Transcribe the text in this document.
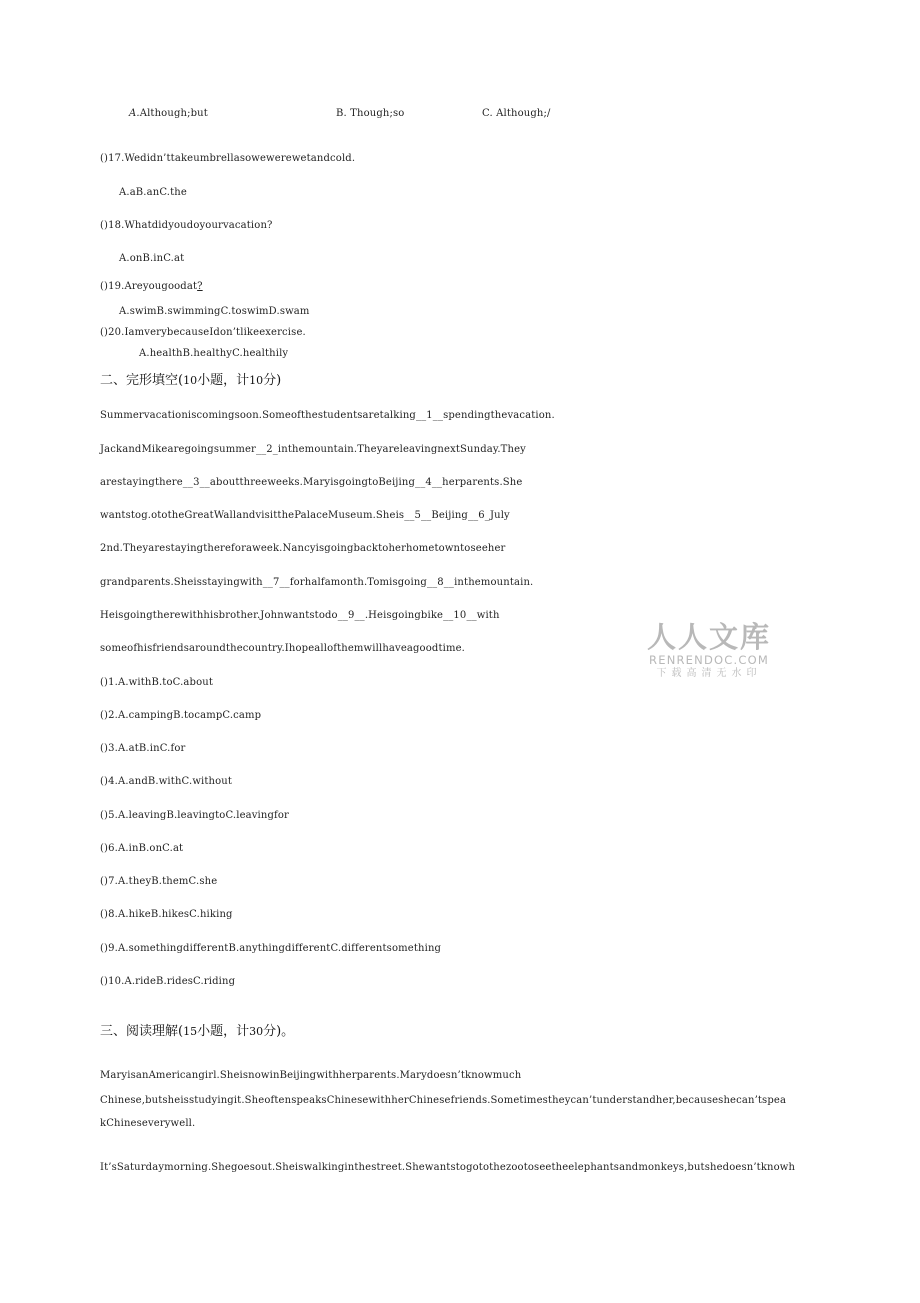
A.Although;but	B. Though;so	C. Although;/
()17.Wedidn’ttakeumbrellasowewerewetandcold.
A.aB.anC.the
()18.Whatdidyoudoyourvacation?
A.onB.inC.at
()19.Areyougoodat?
A.swimB.swimmingC.toswimD.swam
()20.IamverybecauseIdon’tlikeexercise.
A.healthB.healthyC.healthily
二、完形填空(10小题，计10分)
Summervacationiscomingsoon.Someofthestudentsaretalking__1__spendingthevacation.
JackandMikearegoingsummer__2_inthemountain.TheyareleavingnextSunday.They
arestayingthere__3__aboutthreeweeks.MaryisgoingtoBeijing__4__herparents.She
wantstog.ototheGreatWallandvisitthePalaceMuseum.Sheis__5__Beijing__6_July
2nd.Theyarestayingthereforaweek.Nancyisgoingbacktoherhometowntoseeher
grandparents.Sheisstayingwith__7__forhalfamonth.Tomisgoing__8__inthemountain.
Heisgoingtherewithhisbrother.Johnwantstodo__9__.Heisgoingbike__10__with
someofhisfriendsaroundthecountry.Ihopeallofthemwillhaveagoodtime.
()1.A.withB.toC.about
()2.A.campingB.tocampC.camp
()3.A.atB.inC.for
()4.A.andB.withC.without
()5.A.leavingB.leavingtoC.leavingfor
()6.A.inB.onC.at
()7.A.theyB.themC.she
()8.A.hikeB.hikesC.hiking
()9.A.somethingdifferentB.anythingdifferentC.differentsomething
()10.A.rideB.ridesC.riding
三、阅读理解(15小题，计30分)。
MaryisanAmericangirl.SheisnowinBeijingwithherparents.Marydoesn’tknowmuch
Chinese,butsheisstudyingit.SheoftenspeaksChinesewithherChinesefriends.Sometimestheycan’tunderstandher,becauseshecan’tspea
kChineseverywell.
It’sSaturdaymorning.Shegoesout.Sheiswalkinginthestreet.Shewantstogotothezootoseetheelephantsandmonkeys,butshedoesn’tknowh
人人文库
RENRENDOC.COM
下载高清无水印
